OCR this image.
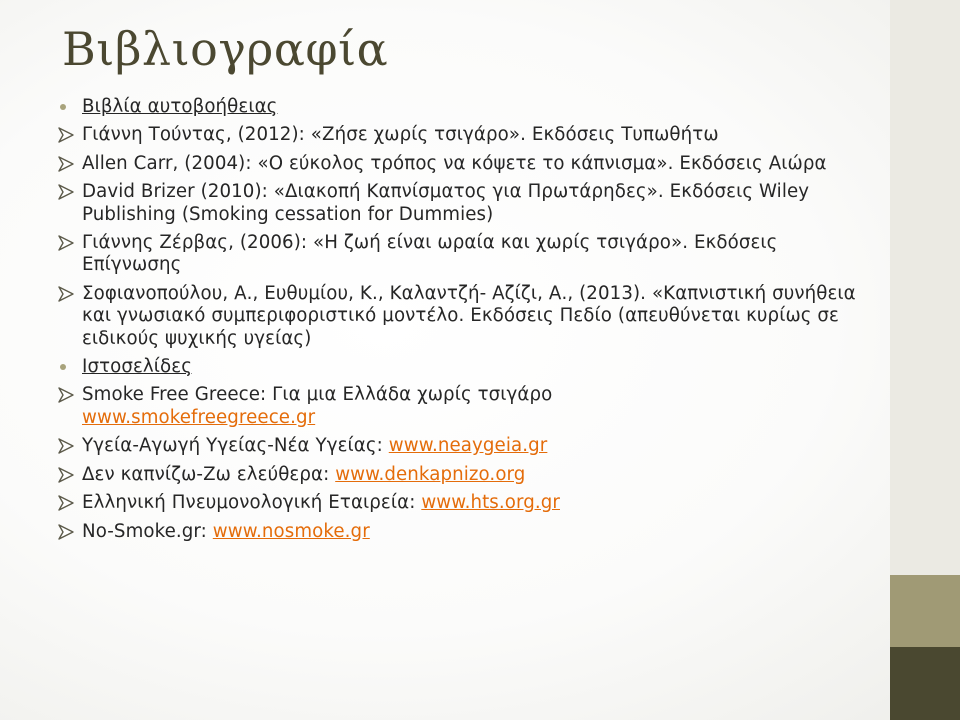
Βιβλιογραφία
Βιβλία αυτοβοήθειας
Γιάννη Τούντας, (2012): «Ζήσε χωρίς τσιγάρο». Εκδόσεις Τυπωθήτω
Allen Carr, (2004): «Ο εύκολος τρόπος να κόψετε το κάπνισμα». Εκδόσεις Αιώρα
David Brizer (2010): «Διακοπή Καπνίσματος για Πρωτάρηδες». Εκδόσεις Wiley Publishing (Smoking cessation for Dummies)
Γιάννης Ζέρβας, (2006): «Η ζωή είναι ωραία και χωρίς τσιγάρο». Εκδόσεις Επίγνωσης
Σοφιανοπούλου, Α., Ευθυμίου, Κ., Καλαντζή- Αζίζι, Α., (2013). «Καπνιστική συνήθεια και γνωσιακό συμπεριφοριστικό μοντέλο. Εκδόσεις Πεδίο (απευθύνεται κυρίως σε ειδικούς ψυχικής υγείας)
Ιστοσελίδες
Smoke Free Greece: Για μια Ελλάδα χωρίς τσιγάρο
www.smokefreegreece.gr
Υγεία-Αγωγή Υγείας-Νέα Υγείας: www.neaygeia.gr
Δεν καπνίζω-Ζω ελεύθερα: www.denkapnizo.org
Ελληνική Πνευμονολογική Εταιρεία: www.hts.org.gr
No-Smoke.gr: www.nosmoke.gr
